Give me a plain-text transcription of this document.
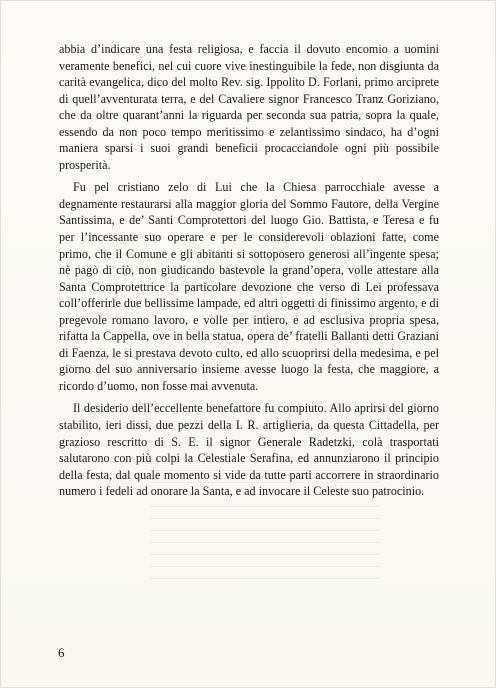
abbia d’indicare una festa religiosa, e faccia il dovuto encomio a uomini veramente benefici, nel cui cuore vive inestinguibile la fede, non disgiunta da carità evangelica, dico del molto Rev. sig. Ippolito D. Forlani, primo arciprete di quell’avventurata terra, e del Cavaliere signor Francesco Tranz Goriziano, che da oltre quarant’anni la riguarda per seconda sua patria, sopra la quale, essendo da non poco tempo meritissimo e zelantissimo sindaco, ha d’ogni maniera sparsi i suoi grandi beneficii procacciandole ogni più possibile prosperità.

Fu pel cristiano zelo di Lui che la Chiesa parrocchiale avesse a degnamente restaurarsi alla maggior gloria del Sommo Fautore, della Vergine Santissima, e de’ Santi Comprotettori del luogo Gio. Battista, e Teresa e fu per l’incessante suo operare e per le considerevoli oblazioni fatte, come primo, che il Comune e gli abitanti si sottoposero generosi all’ingente spesa; nè pagò di ciò, non giudicando bastevole la grand’opera, volle attestare alla Santa Comprotettrice la particolare devozione che verso di Lei professava coll’offerirle due bellissime lampade, ed altri oggetti di finissimo argento, e di pregevole romano lavoro, e volle per intiero, e ad esclusiva propria spesa, rifatta la Cappella, ove in bella statua, opera de’ fratelli Ballanti detti Graziani di Faenza, le si prestava devoto culto, ed allo scuoprirsi della medesima, e pel giorno del suo anniversario insieme avesse luogo la festa, che maggiore, a ricordo d’uomo, non fosse mai avvenuta.

Il desiderio dell’eccellente benefattore fu compiuto. Allo aprirsi del giorno stabilito, ieri dissi, due pezzi della I. R. artiglieria, da questa Cittadella, per grazioso rescritto di S. E. il signor Generale Radetzki, colà trasportati salutarono con più colpi la Celestiale Serafina, ed annunziarono il principio della festa, dal quale momento si vide da tutte parti accorrere in straordinario numero i fedeli ad onorare la Santa, e ad invocare il Celeste suo patrocinio.

6
